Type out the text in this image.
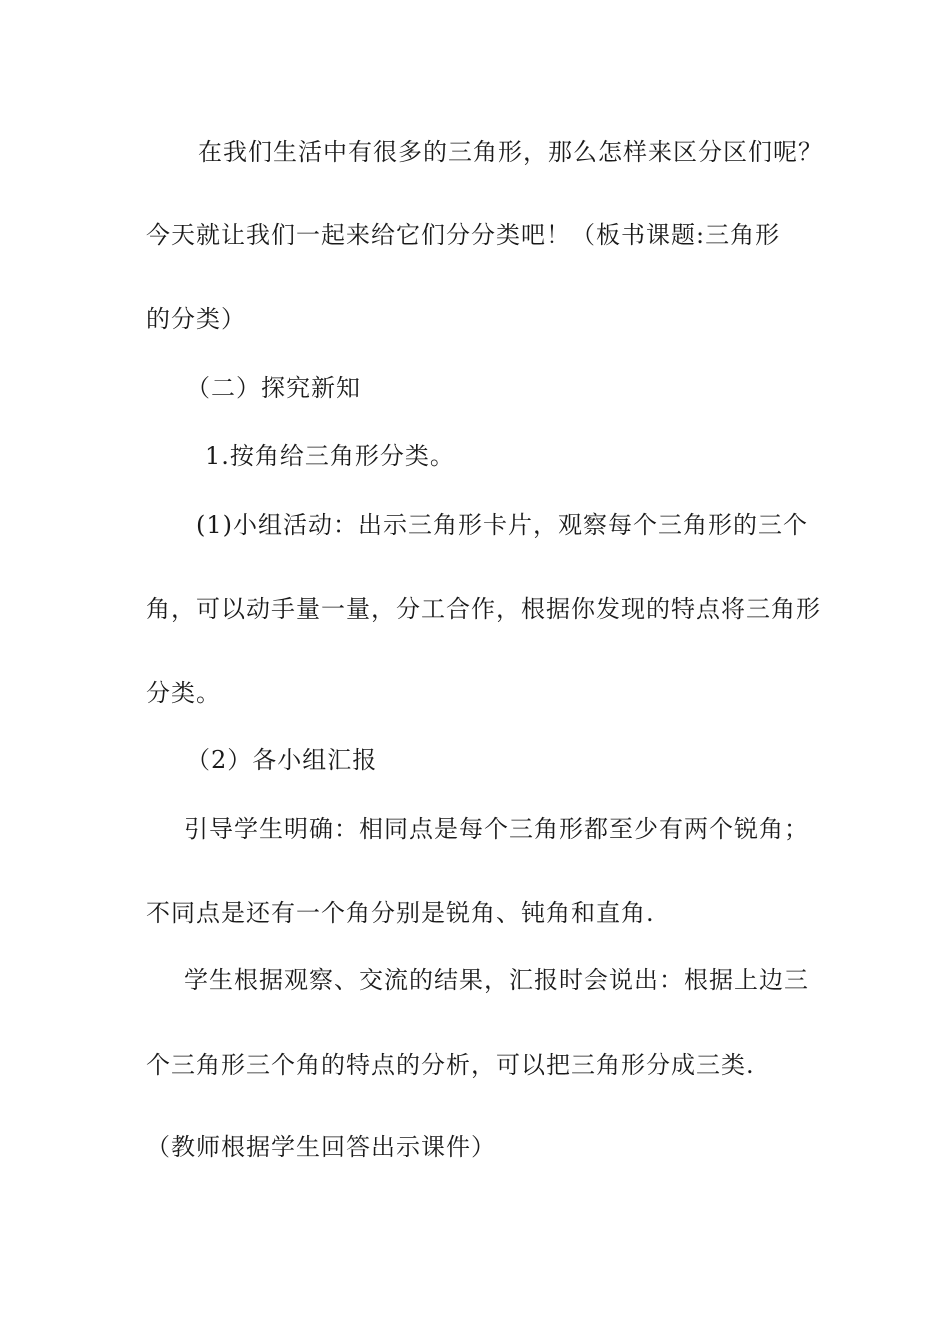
在我们生活中有很多的三角形，那么怎样来区分区们呢？
今天就让我们一起来给它们分分类吧！（板书课题:三角形
的分类）
（二）探究新知
1.按角给三角形分类。
(1)小组活动：出示三角形卡片，观察每个三角形的三个
角，可以动手量一量，分工合作，根据你发现的特点将三角形
分类。
（2）各小组汇报
引导学生明确：相同点是每个三角形都至少有两个锐角；
不同点是还有一个角分别是锐角、钝角和直角.
学生根据观察、交流的结果，汇报时会说出：根据上边三
个三角形三个角的特点的分析，可以把三角形分成三类.
（教师根据学生回答出示课件）
